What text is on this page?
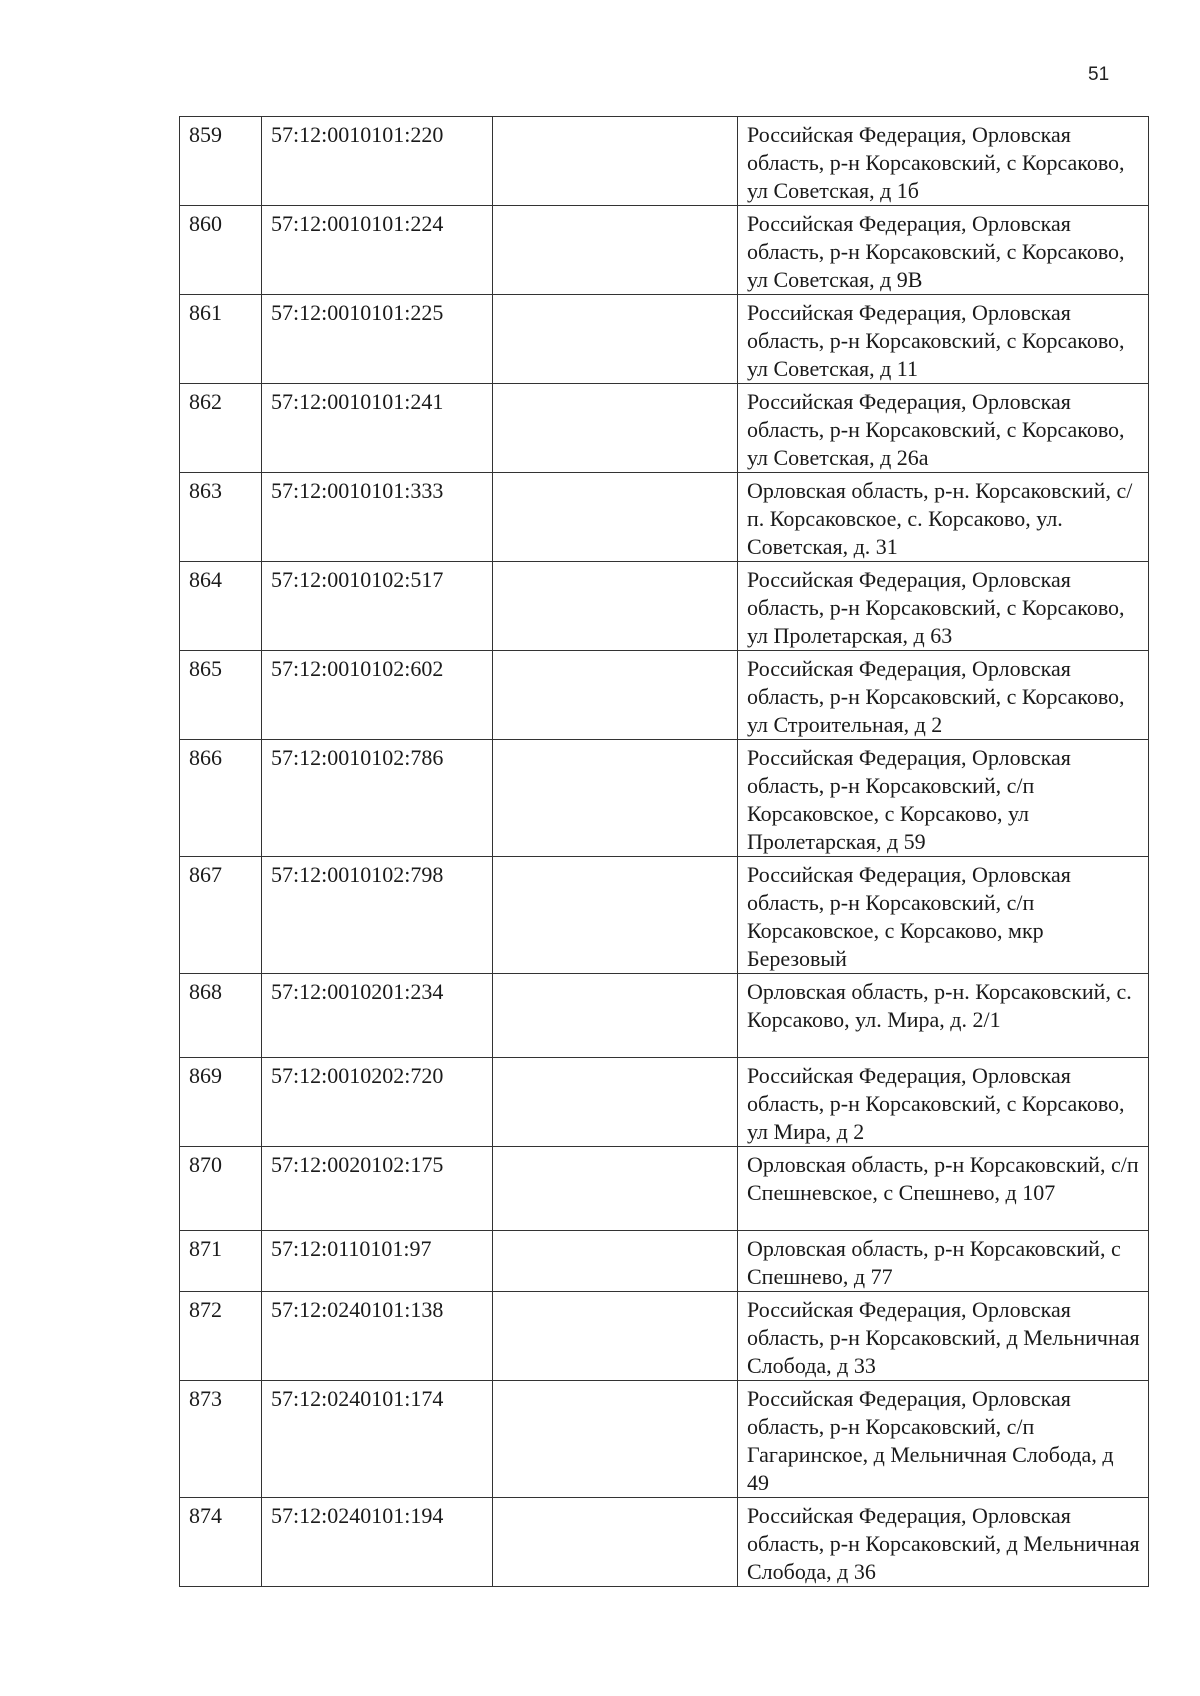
51
859	57:12:0010101:220		Российская Федерация, Орловская область, р-н Корсаковский, с Корсаково, ул Советская, д 1б
860	57:12:0010101:224		Российская Федерация, Орловская область, р-н Корсаковский, с Корсаково, ул Советская, д 9В
861	57:12:0010101:225		Российская Федерация, Орловская область, р-н Корсаковский, с Корсаково, ул Советская, д 11
862	57:12:0010101:241		Российская Федерация, Орловская область, р-н Корсаковский, с Корсаково, ул Советская, д 26а
863	57:12:0010101:333		Орловская область, р-н. Корсаковский, с/п. Корсаковское, с. Корсаково, ул. Советская, д. 31
864	57:12:0010102:517		Российская Федерация, Орловская область, р-н Корсаковский, с Корсаково, ул Пролетарская, д 63
865	57:12:0010102:602		Российская Федерация, Орловская область, р-н Корсаковский, с Корсаково, ул Строительная, д 2
866	57:12:0010102:786		Российская Федерация, Орловская область, р-н Корсаковский, с/п Корсаковское, с Корсаково, ул Пролетарская, д 59
867	57:12:0010102:798		Российская Федерация, Орловская область, р-н Корсаковский, с/п Корсаковское, с Корсаково, мкр Березовый
868	57:12:0010201:234		Орловская область, р-н. Корсаковский, с. Корсаково, ул. Мира, д. 2/1
869	57:12:0010202:720		Российская Федерация, Орловская область, р-н Корсаковский, с Корсаково, ул Мира, д 2
870	57:12:0020102:175		Орловская область, р-н Корсаковский, с/п Спешневское, с Спешнево, д 107
871	57:12:0110101:97		Орловская область, р-н Корсаковский, с Спешнево, д 77
872	57:12:0240101:138		Российская Федерация, Орловская область, р-н Корсаковский, д Мельничная Слобода, д 33
873	57:12:0240101:174		Российская Федерация, Орловская область, р-н Корсаковский, с/п Гагаринское, д Мельничная Слобода, д 49
874	57:12:0240101:194		Российская Федерация, Орловская область, р-н Корсаковский, д Мельничная Слобода, д 36
